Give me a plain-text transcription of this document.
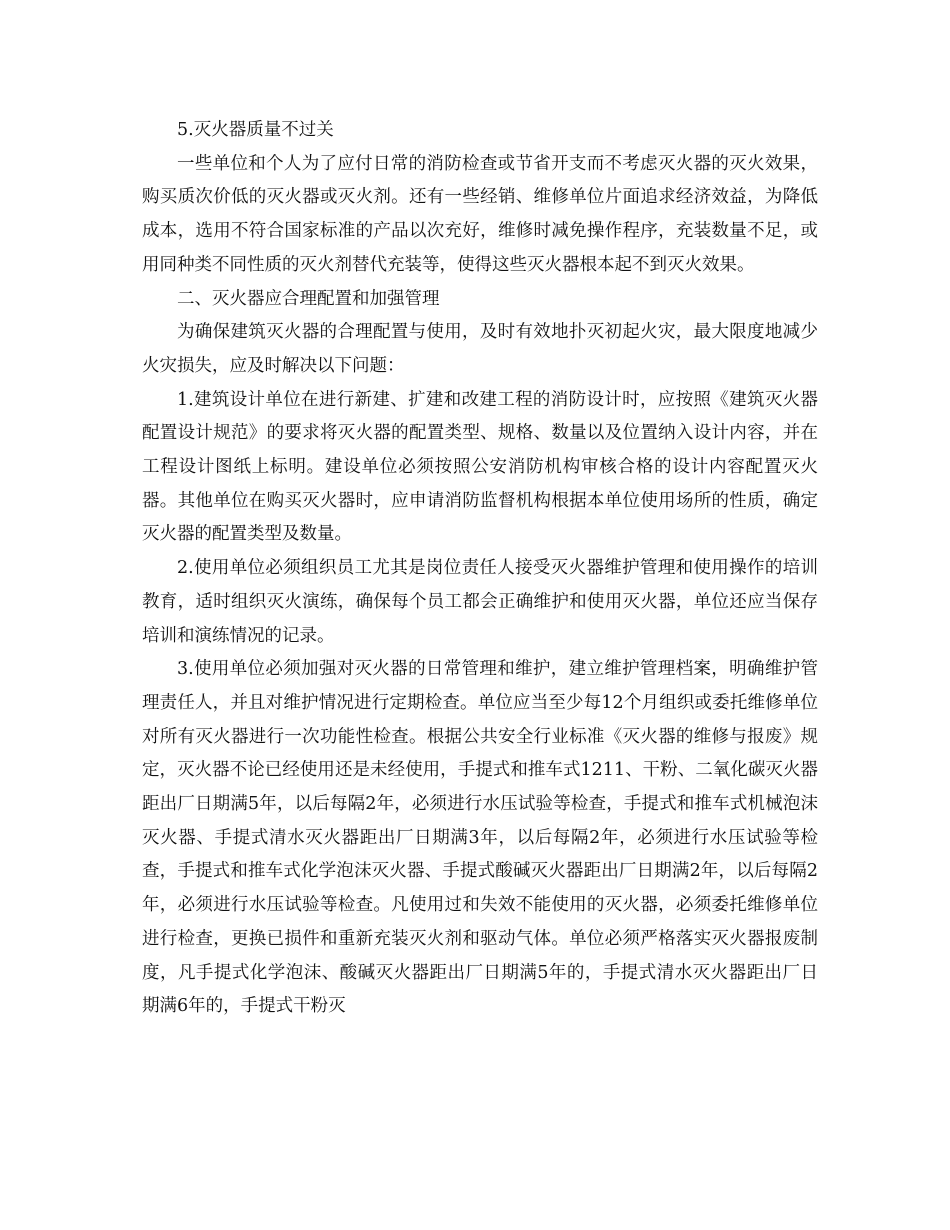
5.灭火器质量不过关

一些单位和个人为了应付日常的消防检查或节省开支而不考虑灭火器的灭火效果，购买质次价低的灭火器或灭火剂。还有一些经销、维修单位片面追求经济效益，为降低成本，选用不符合国家标准的产品以次充好，维修时减免操作程序，充装数量不足，或用同种类不同性质的灭火剂替代充装等，使得这些灭火器根本起不到灭火效果。

二、灭火器应合理配置和加强管理

为确保建筑灭火器的合理配置与使用，及时有效地扑灭初起火灾，最大限度地减少火灾损失，应及时解决以下问题：

1.建筑设计单位在进行新建、扩建和改建工程的消防设计时，应按照《建筑灭火器配置设计规范》的要求将灭火器的配置类型、规格、数量以及位置纳入设计内容，并在工程设计图纸上标明。建设单位必须按照公安消防机构审核合格的设计内容配置灭火器。其他单位在购买灭火器时，应申请消防监督机构根据本单位使用场所的性质，确定灭火器的配置类型及数量。

2.使用单位必须组织员工尤其是岗位责任人接受灭火器维护管理和使用操作的培训教育，适时组织灭火演练，确保每个员工都会正确维护和使用灭火器，单位还应当保存培训和演练情况的记录。

3.使用单位必须加强对灭火器的日常管理和维护，建立维护管理档案，明确维护管理责任人，并且对维护情况进行定期检查。单位应当至少每12个月组织或委托维修单位对所有灭火器进行一次功能性检查。根据公共安全行业标准《灭火器的维修与报废》规定，灭火器不论已经使用还是未经使用，手提式和推车式1211、干粉、二氧化碳灭火器距出厂日期满5年，以后每隔2年，必须进行水压试验等检查，手提式和推车式机械泡沫灭火器、手提式清水灭火器距出厂日期满3年，以后每隔2年，必须进行水压试验等检查，手提式和推车式化学泡沫灭火器、手提式酸碱灭火器距出厂日期满2年，以后每隔2年，必须进行水压试验等检查。凡使用过和失效不能使用的灭火器，必须委托维修单位进行检查，更换已损件和重新充装灭火剂和驱动气体。单位必须严格落实灭火器报废制度，凡手提式化学泡沫、酸碱灭火器距出厂日期满5年的，手提式清水灭火器距出厂日期满6年的，手提式干粉灭
